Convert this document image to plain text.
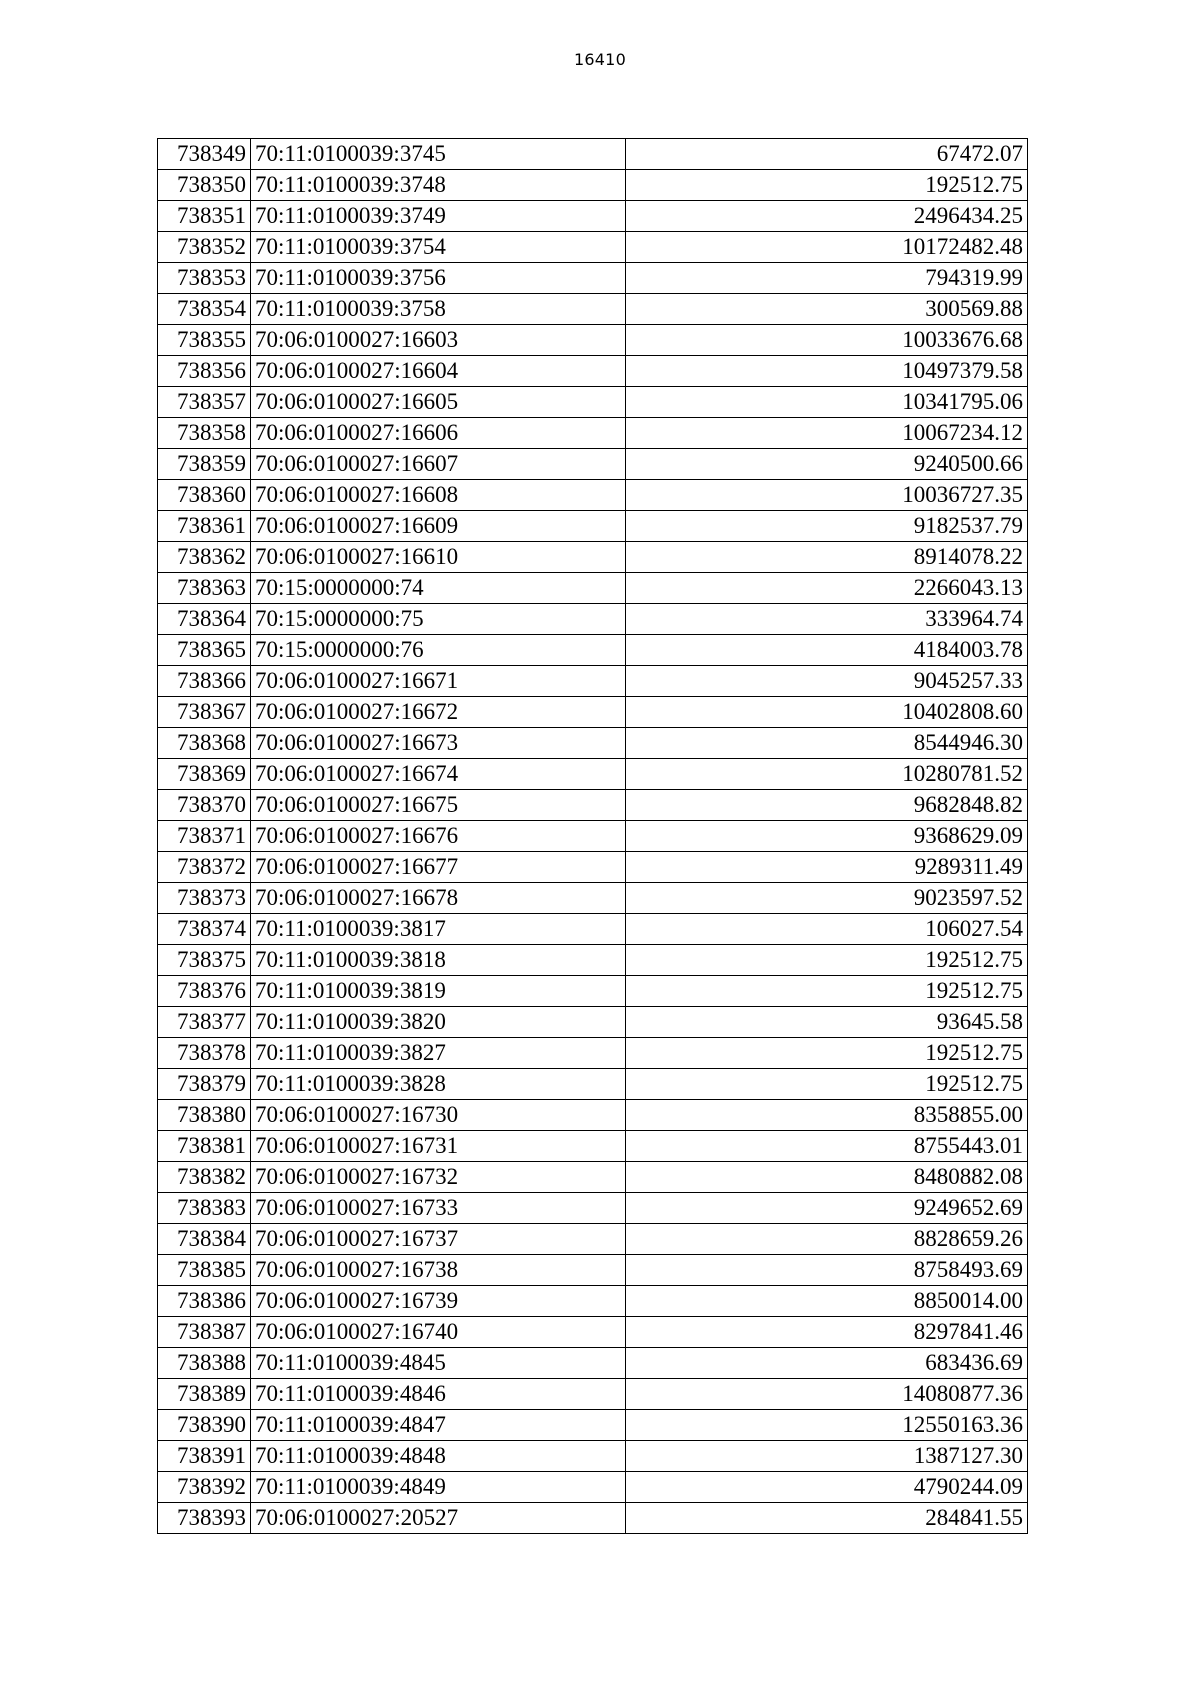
16410
738349	70:11:0100039:3745	67472.07
738350	70:11:0100039:3748	192512.75
738351	70:11:0100039:3749	2496434.25
738352	70:11:0100039:3754	10172482.48
738353	70:11:0100039:3756	794319.99
738354	70:11:0100039:3758	300569.88
738355	70:06:0100027:16603	10033676.68
738356	70:06:0100027:16604	10497379.58
738357	70:06:0100027:16605	10341795.06
738358	70:06:0100027:16606	10067234.12
738359	70:06:0100027:16607	9240500.66
738360	70:06:0100027:16608	10036727.35
738361	70:06:0100027:16609	9182537.79
738362	70:06:0100027:16610	8914078.22
738363	70:15:0000000:74	2266043.13
738364	70:15:0000000:75	333964.74
738365	70:15:0000000:76	4184003.78
738366	70:06:0100027:16671	9045257.33
738367	70:06:0100027:16672	10402808.60
738368	70:06:0100027:16673	8544946.30
738369	70:06:0100027:16674	10280781.52
738370	70:06:0100027:16675	9682848.82
738371	70:06:0100027:16676	9368629.09
738372	70:06:0100027:16677	9289311.49
738373	70:06:0100027:16678	9023597.52
738374	70:11:0100039:3817	106027.54
738375	70:11:0100039:3818	192512.75
738376	70:11:0100039:3819	192512.75
738377	70:11:0100039:3820	93645.58
738378	70:11:0100039:3827	192512.75
738379	70:11:0100039:3828	192512.75
738380	70:06:0100027:16730	8358855.00
738381	70:06:0100027:16731	8755443.01
738382	70:06:0100027:16732	8480882.08
738383	70:06:0100027:16733	9249652.69
738384	70:06:0100027:16737	8828659.26
738385	70:06:0100027:16738	8758493.69
738386	70:06:0100027:16739	8850014.00
738387	70:06:0100027:16740	8297841.46
738388	70:11:0100039:4845	683436.69
738389	70:11:0100039:4846	14080877.36
738390	70:11:0100039:4847	12550163.36
738391	70:11:0100039:4848	1387127.30
738392	70:11:0100039:4849	4790244.09
738393	70:06:0100027:20527	284841.55
